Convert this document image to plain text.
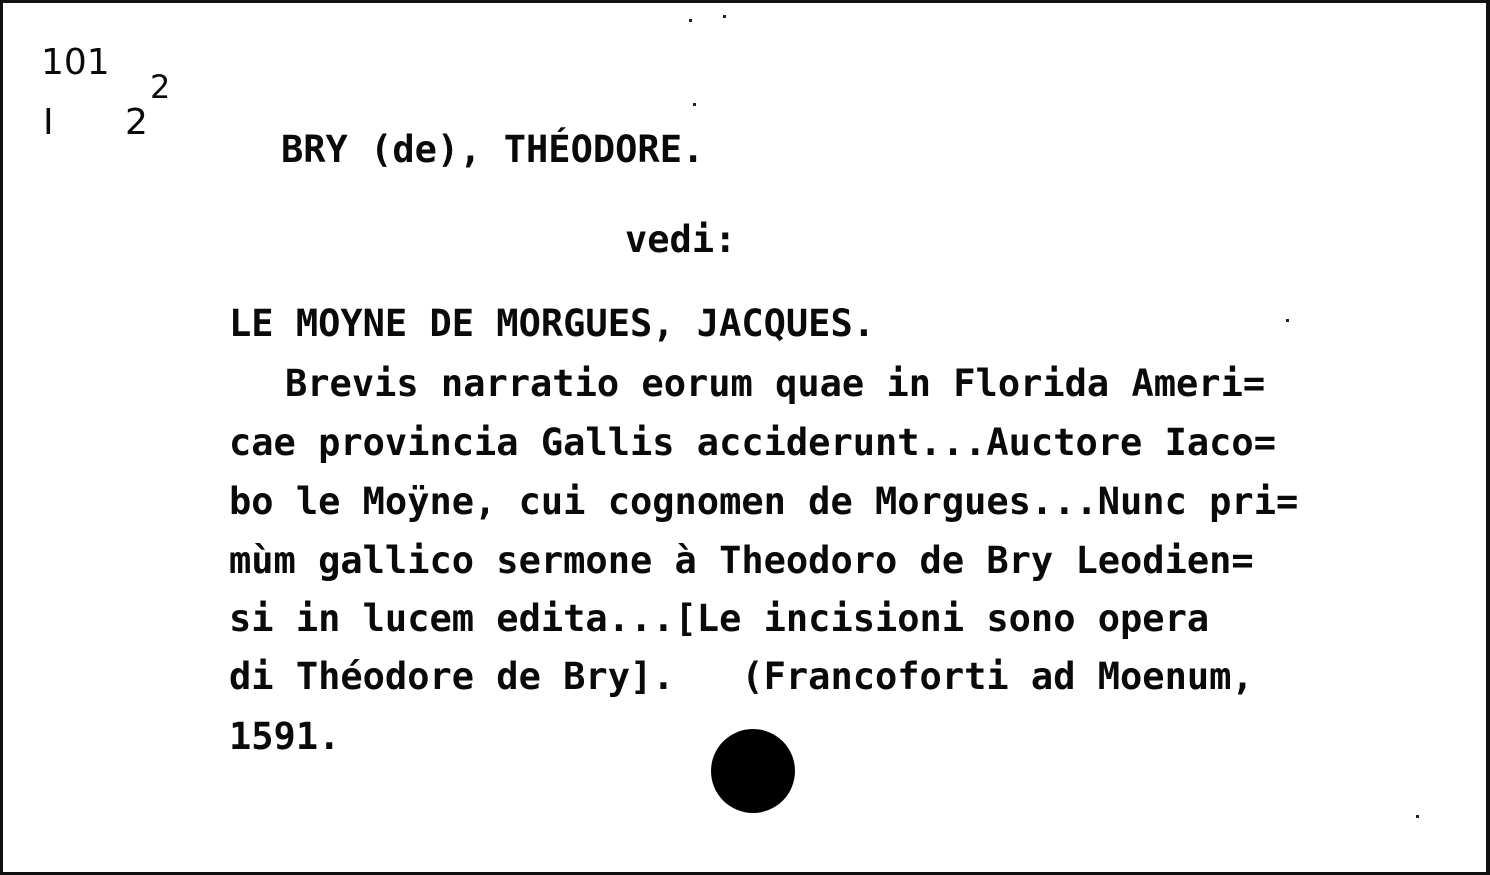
101
I 2
2
BRY (de), THÉODORE.
vedi:
LE MOYNE DE MORGUES, JACQUES.
Brevis narratio eorum quae in Florida Ameri=
cae provincia Gallis acciderunt...Auctore Iaco=
bo le Moÿne, cui cognomen de Morgues...Nunc pri=
mùm gallico sermone à Theodoro de Bry Leodien=
si in lucem edita...[Le incisioni sono opera
di Théodore de Bry].   (Francoforti ad Moenum,
1591.
